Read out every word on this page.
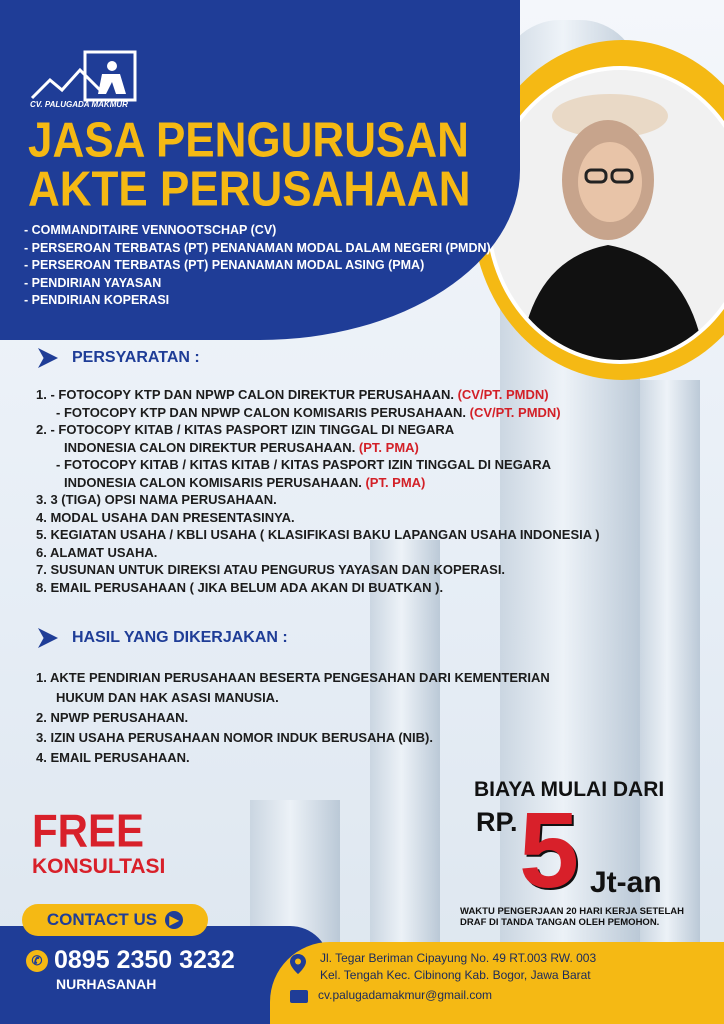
CV. PALUGADA MAKMUR
JASA PENGURUSAN
AKTE PERUSAHAAN
- COMMANDITAIRE VENNOOTSCHAP (CV)
- PERSEROAN TERBATAS (PT) PENANAMAN MODAL DALAM NEGERI (PMDN)
- PERSEROAN TERBATAS (PT) PENANAMAN MODAL ASING (PMA)
- PENDIRIAN YAYASAN
- PENDIRIAN KOPERASI
PERSYARATAN :
1. - FOTOCOPY KTP DAN NPWP CALON DIREKTUR PERUSAHAAN. (CV/PT. PMDN)
- FOTOCOPY KTP DAN NPWP CALON KOMISARIS PERUSAHAAN. (CV/PT. PMDN)
2. - FOTOCOPY KITAB / KITAS PASPORT IZIN TINGGAL DI NEGARA
INDONESIA CALON DIREKTUR PERUSAHAAN. (PT. PMA)
- FOTOCOPY KITAB / KITAS KITAB / KITAS PASPORT IZIN TINGGAL DI NEGARA
INDONESIA CALON KOMISARIS PERUSAHAAN. (PT. PMA)
3. 3 (TIGA) OPSI NAMA PERUSAHAAN.
4. MODAL USAHA DAN PRESENTASINYA.
5. KEGIATAN USAHA / KBLI USAHA ( KLASIFIKASI BAKU LAPANGAN USAHA INDONESIA )
6. ALAMAT USAHA.
7. SUSUNAN UNTUK DIREKSI ATAU PENGURUS YAYASAN DAN KOPERASI.
8. EMAIL PERUSAHAAN ( JIKA BELUM ADA AKAN DI BUATKAN ).
HASIL YANG DIKERJAKAN :
1. AKTE PENDIRIAN PERUSAHAAN BESERTA PENGESAHAN DARI KEMENTERIAN
HUKUM DAN HAK ASASI MANUSIA.
2. NPWP PERUSAHAAN.
3. IZIN USAHA PERUSAHAAN NOMOR INDUK BERUSAHA (NIB).
4. EMAIL PERUSAHAAN.
FREE
KONSULTASI
BIAYA MULAI DARI
RP. 5 Jt-an
WAKTU PENGERJAAN 20 HARI KERJA SETELAH DRAF DI TANDA TANGAN OLEH PEMOHON.
CONTACT US	▶
✆ 0895 2350 3232
NURHASANAH
Jl. Tegar Beriman Cipayung No. 49 RT.003 RW. 003
Kel. Tengah Kec. Cibinong Kab. Bogor, Jawa Barat
cv.palugadamakmur@gmail.com
